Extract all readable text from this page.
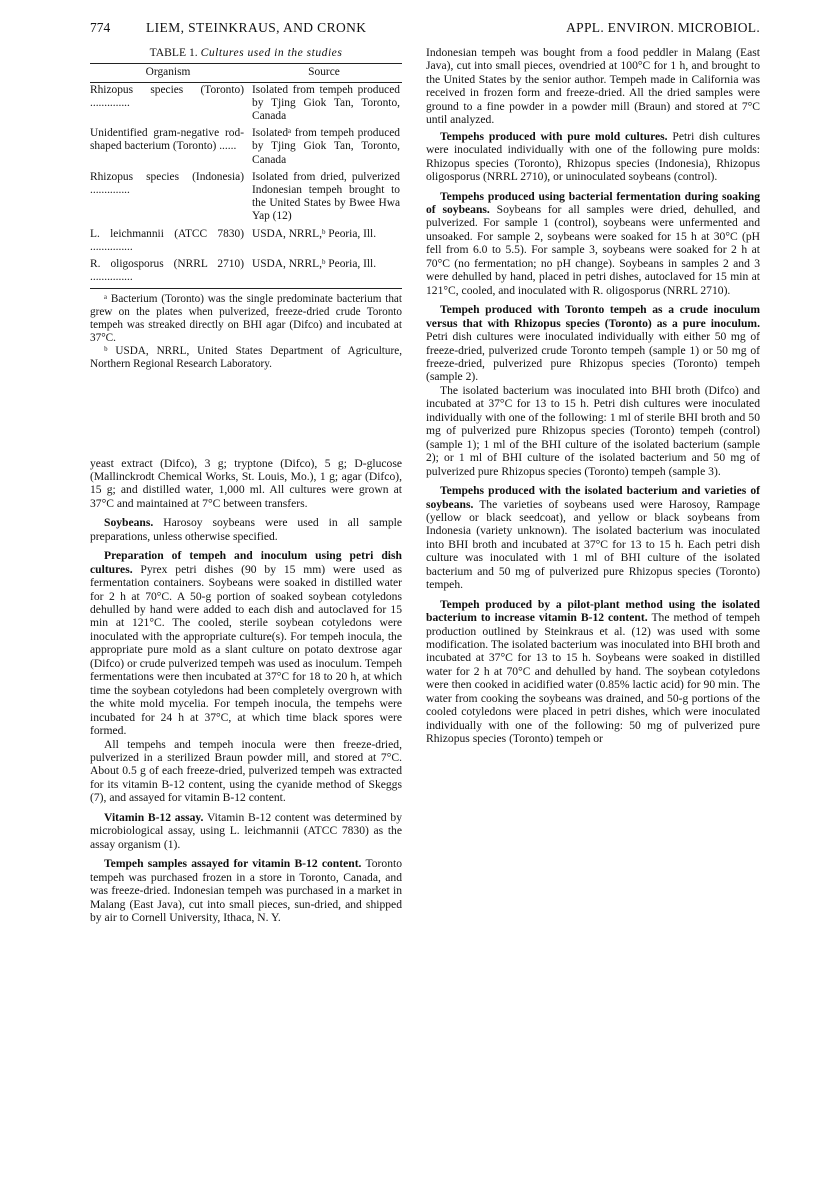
774	LIEM, STEINKRAUS, AND CRONK	APPL. ENVIRON. MICROBIOL.
TABLE 1. Cultures used in the studies
Organism	Source
Rhizopus species (Toronto) ..............	Isolated from tempeh produced by Tjing Giok Tan, Toronto, Canada
Unidentified gram-negative rod-shaped bacterium (Toronto) ......	Isolatedᵃ from tempeh produced by Tjing Giok Tan, Toronto, Canada
Rhizopus species (Indonesia) ..............	Isolated from dried, pulverized Indonesian tempeh brought to the United States by Bwee Hwa Yap (12)
L. leichmannii (ATCC 7830) ...............	USDA, NRRL,ᵇ Peoria, Ill.
R. oligosporus (NRRL 2710) ...............	USDA, NRRL,ᵇ Peoria, Ill.

ᵃ Bacterium (Toronto) was the single predominate bacterium that grew on the plates when pulverized, freeze-dried crude Toronto tempeh was streaked directly on BHI agar (Difco) and incubated at 37°C.

ᵇ USDA, NRRL, United States Department of Agriculture, Northern Regional Research Laboratory.

yeast extract (Difco), 3 g; tryptone (Difco), 5 g; D-glucose (Mallinckrodt Chemical Works, St. Louis, Mo.), 1 g; agar (Difco), 15 g; and distilled water, 1,000 ml. All cultures were grown at 37°C and maintained at 7°C between transfers.

Soybeans. Harosoy soybeans were used in all sample preparations, unless otherwise specified.

Preparation of tempeh and inoculum using petri dish cultures. Pyrex petri dishes (90 by 15 mm) were used as fermentation containers. Soybeans were soaked in distilled water for 2 h at 70°C. A 50-g portion of soaked soybean cotyledons dehulled by hand were added to each dish and autoclaved for 15 min at 121°C. The cooled, sterile soybean cotyledons were inoculated with the appropriate culture(s). For tempeh inocula, the appropriate pure mold as a slant culture on potato dextrose agar (Difco) or crude pulverized tempeh was used as inoculum. Tempeh fermentations were then incubated at 37°C for 18 to 20 h, at which time the soybean cotyledons had been completely overgrown with the white mold mycelia. For tempeh inocula, the tempehs were incubated for 24 h at 37°C, at which time black spores were formed.

All tempehs and tempeh inocula were then freeze-dried, pulverized in a sterilized Braun powder mill, and stored at 7°C. About 0.5 g of each freeze-dried, pulverized tempeh was extracted for its vitamin B-12 content, using the cyanide method of Skeggs (7), and assayed for vitamin B-12 content.

Vitamin B-12 assay. Vitamin B-12 content was determined by microbiological assay, using L. leichmannii (ATCC 7830) as the assay organism (1).

Tempeh samples assayed for vitamin B-12 content. Toronto tempeh was purchased frozen in a store in Toronto, Canada, and was freeze-dried. Indonesian tempeh was purchased in a market in Malang (East Java), cut into small pieces, sun-dried, and shipped by air to Cornell University, Ithaca, N. Y.

Indonesian tempeh was bought from a food peddler in Malang (East Java), cut into small pieces, ovendried at 100°C for 1 h, and brought to the United States by the senior author. Tempeh made in California was received in frozen form and freeze-dried. All the dried samples were ground to a fine powder in a powder mill (Braun) and stored at 7°C until analyzed.

Tempehs produced with pure mold cultures. Petri dish cultures were inoculated individually with one of the following pure molds: Rhizopus species (Toronto), Rhizopus species (Indonesia), Rhizopus oligosporus (NRRL 2710), or uninoculated soybeans (control).

Tempehs produced using bacterial fermentation during soaking of soybeans. Soybeans for all samples were dried, dehulled, and pulverized. For sample 1 (control), soybeans were unfermented and unsoaked. For sample 2, soybeans were soaked for 15 h at 30°C (pH fell from 6.0 to 5.5). For sample 3, soybeans were soaked for 2 h at 70°C (no fermentation; no pH change). Soybeans in samples 2 and 3 were dehulled by hand, placed in petri dishes, autoclaved for 15 min at 121°C, cooled, and inoculated with R. oligosporus (NRRL 2710).

Tempeh produced with Toronto tempeh as a crude inoculum versus that with Rhizopus species (Toronto) as a pure inoculum. Petri dish cultures were inoculated individually with either 50 mg of freeze-dried, pulverized crude Toronto tempeh (sample 1) or 50 mg of freeze-dried, pulverized pure Rhizopus species (Toronto) tempeh (sample 2).

The isolated bacterium was inoculated into BHI broth (Difco) and incubated at 37°C for 13 to 15 h. Petri dish cultures were inoculated individually with one of the following: 1 ml of sterile BHI broth and 50 mg of pulverized pure Rhizopus species (Toronto) tempeh (control) (sample 1); 1 ml of the BHI culture of the isolated bacterium (sample 2); or 1 ml of BHI culture of the isolated bacterium and 50 mg of pulverized pure Rhizopus species (Toronto) tempeh (sample 3).

Tempehs produced with the isolated bacterium and varieties of soybeans. The varieties of soybeans used were Harosoy, Rampage (yellow or black seedcoat), and yellow or black soybeans from Indonesia (variety unknown). The isolated bacterium was inoculated into BHI broth and incubated at 37°C for 13 to 15 h. Each petri dish culture was inoculated with 1 ml of BHI culture of the isolated bacterium and 50 mg of pulverized pure Rhizopus species (Toronto) tempeh.

Tempeh produced by a pilot-plant method using the isolated bacterium to increase vitamin B-12 content. The method of tempeh production outlined by Steinkraus et al. (12) was used with some modification. The isolated bacterium was inoculated into BHI broth and incubated at 37°C for 13 to 15 h. Soybeans were soaked in distilled water for 2 h at 70°C and dehulled by hand. The soybean cotyledons were then cooked in acidified water (0.85% lactic acid) for 90 min. The water from cooking the soybeans was drained, and 50-g portions of the cooled cotyledons were placed in petri dishes, which were inoculated individually with one of the following: 50 mg of pulverized pure Rhizopus species (Toronto) tempeh or
